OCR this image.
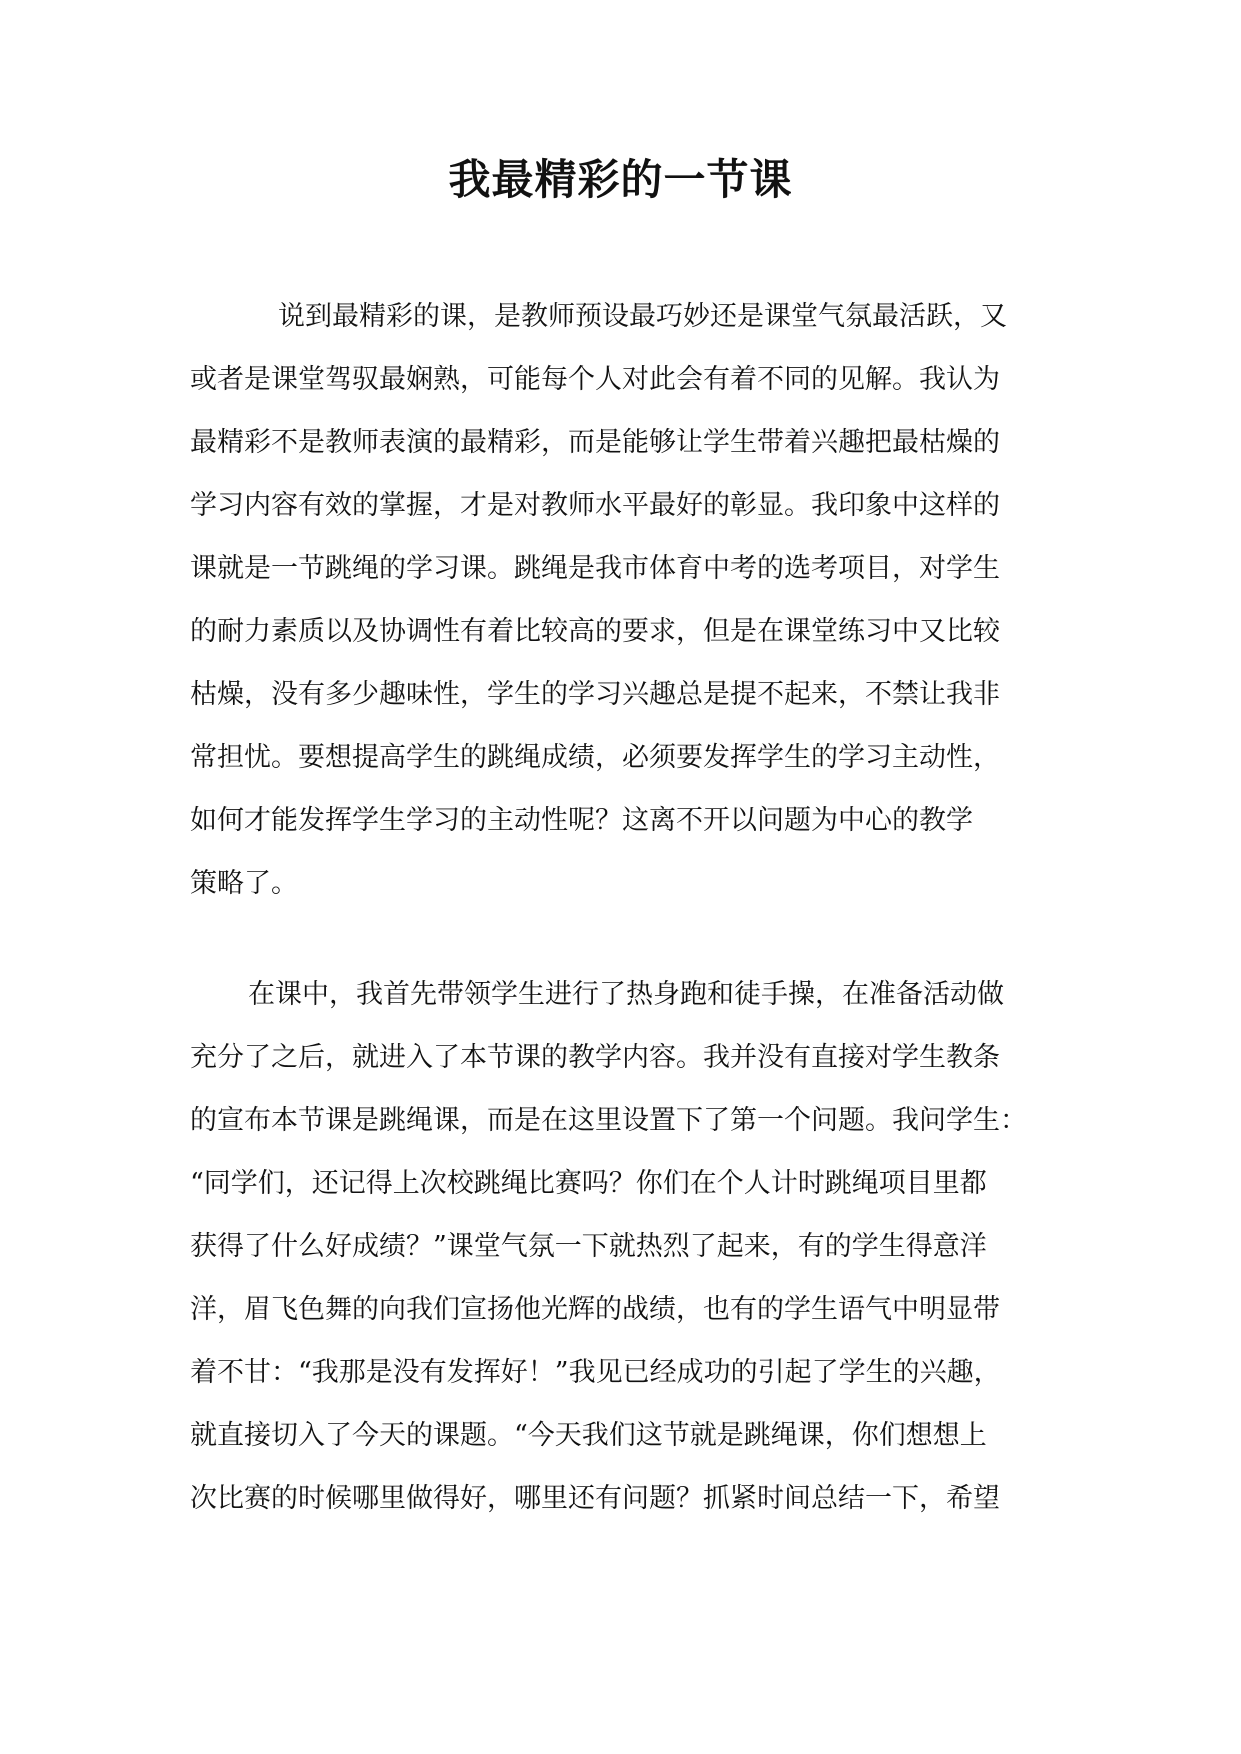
我最精彩的一节课
说到最精彩的课，是教师预设最巧妙还是课堂气氛最活跃，又
或者是课堂驾驭最娴熟，可能每个人对此会有着不同的见解。我认为
最精彩不是教师表演的最精彩，而是能够让学生带着兴趣把最枯燥的
学习内容有效的掌握，才是对教师水平最好的彰显。我印象中这样的
课就是一节跳绳的学习课。跳绳是我市体育中考的选考项目，对学生
的耐力素质以及协调性有着比较高的要求，但是在课堂练习中又比较
枯燥，没有多少趣味性，学生的学习兴趣总是提不起来，不禁让我非
常担忧。要想提高学生的跳绳成绩，必须要发挥学生的学习主动性，
如何才能发挥学生学习的主动性呢？这离不开以问题为中心的教学
策略了。
在课中，我首先带领学生进行了热身跑和徒手操，在准备活动做
充分了之后，就进入了本节课的教学内容。我并没有直接对学生教条
的宣布本节课是跳绳课，而是在这里设置下了第一个问题。我问学生：
“同学们，还记得上次校跳绳比赛吗？你们在个人计时跳绳项目里都
获得了什么好成绩？”课堂气氛一下就热烈了起来，有的学生得意洋
洋，眉飞色舞的向我们宣扬他光辉的战绩，也有的学生语气中明显带
着不甘：“我那是没有发挥好！”我见已经成功的引起了学生的兴趣，
就直接切入了今天的课题。“今天我们这节就是跳绳课，你们想想上
次比赛的时候哪里做得好，哪里还有问题？抓紧时间总结一下，希望
